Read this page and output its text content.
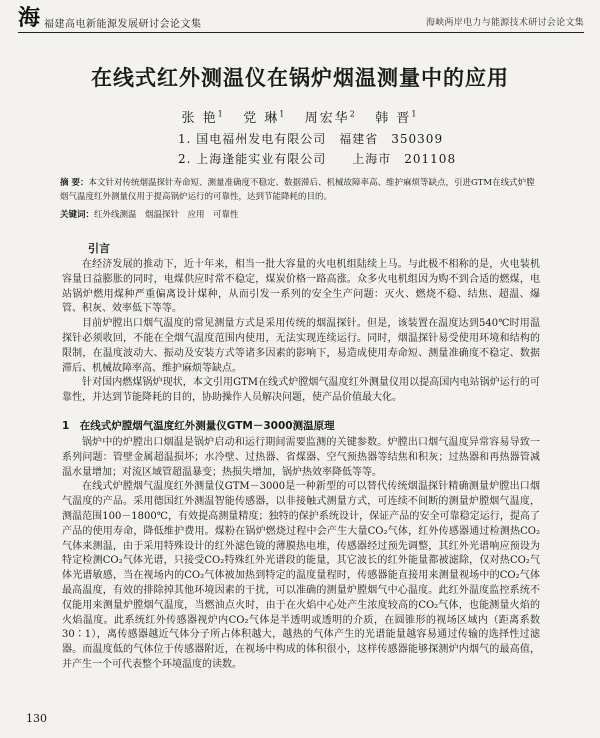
海 福建高电新能源发展研讨会论文集	海峡两岸电力与能源技术研讨会论文集
在线式红外测温仪在锅炉烟温测量中的应用
张 艳$^1$ 党 琳$^1$ 周宏华$^2$ 韩 晋$^1$
1. 国电福州发电有限公司　福建省　350309
2. 上海逢能实业有限公司　　上海市　201108
摘 要：本文针对传统烟温探针寿命短、测量准确度不稳定、数据滞后、机械故障率高、维护麻烦等缺点，引进GTM在线式炉膛烟气温度红外测量仪用于提高锅炉运行的可靠性，达到节能降耗的目的。
关键词：红外线测温　烟温探针　应用　可靠性
引言

在经济发展的推动下，近十年来，相当一批大容量的火电机组陆续上马。与此极不相称的是，火电装机容量日益膨胀的同时，电煤供应时常不稳定，煤炭价格一路高涨。众多火电机组因为购不到合适的燃煤，电站锅炉燃用煤种严重偏离设计煤种，从而引发一系列的安全生产问题：灭火、燃烧不稳、结焦、超温、爆管、积灰、效率低下等等。

目前炉膛出口烟气温度的常见测量方式是采用传统的烟温探针。但是，该装置在温度达到540℃时用温探针必须收回，不能在全烟气温度范围内使用，无法实现连续运行。同时，烟温探针易受使用环境和结构的限制，在温度波动大、振动及安装方式等诸多因素的影响下，易造成使用寿命短、测量准确度不稳定、数据滞后、机械故障率高、维护麻烦等缺点。

针对国内燃煤锅炉现状，本文引用GTM在线式炉膛烟气温度红外测量仪用以提高国内电站锅炉运行的可靠性，并达到节能降耗的目的，协助操作人员解决问题，使产品价值最大化。

1　在线式炉膛烟气温度红外测量仪GTM－3000测温原理

锅炉中的炉膛出口烟温是锅炉启动和运行期间需要监测的关键参数。炉膛出口烟气温度异常容易导致一系列问题：管壁金属超温损坏；水冷壁、过热器、省煤器、空气预热器等结焦和积灰；过热器和再热器管减温水量增加；对流区域管超温暴变；热损失增加，锅炉热效率降低等等。

在线式炉膛烟气温度红外测量仪GTM－3000是一种新型的可以替代传统烟温探针精确测量炉膛出口烟气温度的产品。采用德国红外测温智能传感器，以非接触式测量方式，可连续不间断的测量炉膛烟气温度，测温范围100－1800℃，有效提高测量精度；独特的保护系统设计，保证产品的安全可靠稳定运行，提高了产品的使用寿命，降低维护费用。煤粉在锅炉燃烧过程中会产生大量CO₂气体，红外传感器通过检测热CO₂气体来测温，由于采用特殊设计的红外滤色镜的薄膜热电堆，传感器经过预先调整，其红外光谱响应预设为特定检测CO₂气体光谱，只接受CO₂特殊红外光谱段的能量，其它波长的红外能量都被滤除，仅对热CO₂气体光谱敏感，当在视场内的CO₂气体被加热到特定的温度量程时，传感器能直接用来测量视场中的CO₂气体最高温度，有效的排除掉其他环境因素的干扰，可以准确的测量炉膛烟气中心温度。此红外温度监控系统不仅能用来测量炉膛烟气温度，当燃油点火时，由于在火焰中心处产生浓度较高的CO₂气体，也能测量火焰的火焰温度。此系统红外传感器视炉内CO₂气体是半透明或透明的介质，在圆锥形的视场区域内（距离系数30∶1），离传感器越近气体分子所占体积越大，越热的气体产生的光谱能量越容易通过传输的选择性过滤器。而温度低的气体位于传感器附近，在视场中构成的体积很小，这样传感器能够探测炉内烟气的最高值，并产生一个可代表整个环境温度的读数。

130
